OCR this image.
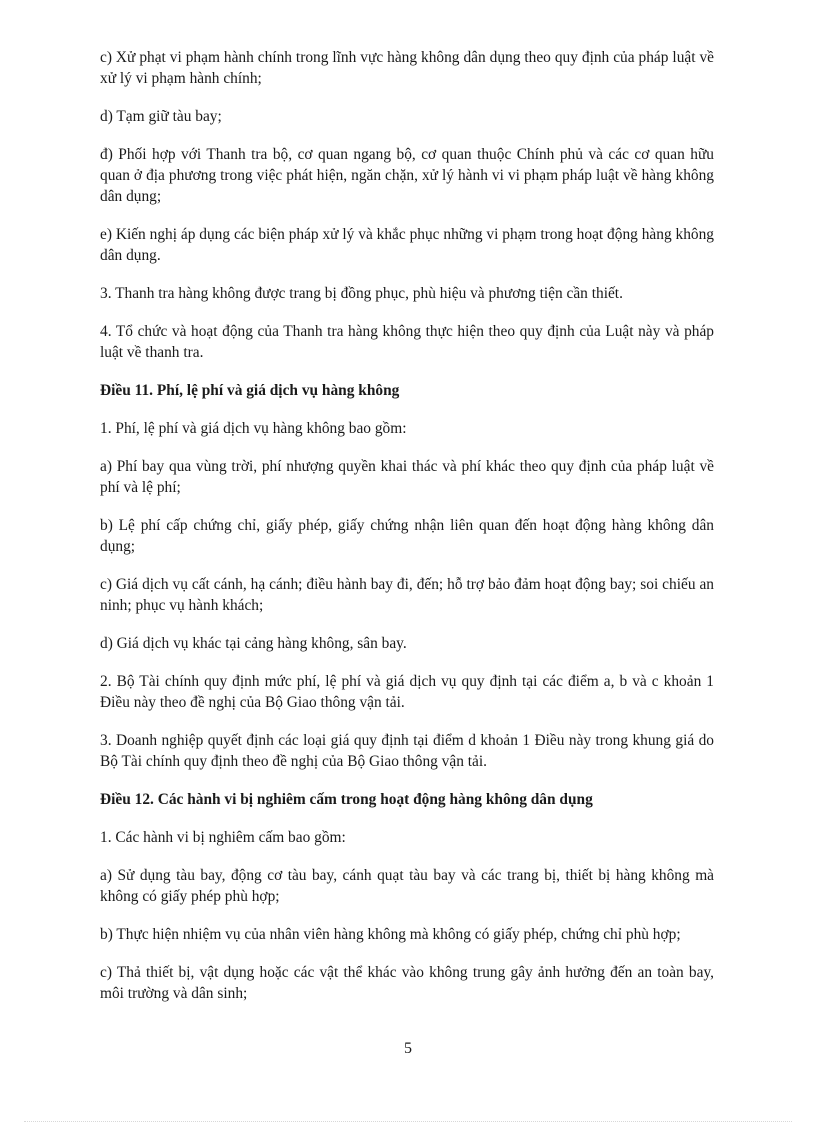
c) Xử phạt vi phạm hành chính trong lĩnh vực hàng không dân dụng theo quy định của pháp luật về xử lý vi phạm hành chính;

d) Tạm giữ tàu bay;

đ) Phối hợp với Thanh tra bộ, cơ quan ngang bộ, cơ quan thuộc Chính phủ và các cơ quan hữu quan ở địa phương trong việc phát hiện, ngăn chặn, xử lý hành vi vi phạm pháp luật về hàng không dân dụng;

e) Kiến nghị áp dụng các biện pháp xử lý và khắc phục những vi phạm trong hoạt động hàng không dân dụng.

3. Thanh tra hàng không được trang bị đồng phục, phù hiệu và phương tiện cần thiết.

4. Tổ chức và hoạt động của Thanh tra hàng không thực hiện theo quy định của Luật này và pháp luật về thanh tra.

Điều 11. Phí, lệ phí và giá dịch vụ hàng không

1. Phí, lệ phí và giá dịch vụ hàng không bao gồm:

a) Phí bay qua vùng trời, phí nhượng quyền khai thác và phí khác theo quy định của pháp luật về phí và lệ phí;

b) Lệ phí cấp chứng chỉ, giấy phép, giấy chứng nhận liên quan đến hoạt động hàng không dân dụng;

c) Giá dịch vụ cất cánh, hạ cánh; điều hành bay đi, đến; hỗ trợ bảo đảm hoạt động bay; soi chiếu an ninh; phục vụ hành khách;

d) Giá dịch vụ khác tại cảng hàng không, sân bay.

2. Bộ Tài chính quy định mức phí, lệ phí và giá dịch vụ quy định tại các điểm a, b và c khoản 1 Điều này theo đề nghị của Bộ Giao thông vận tải.

3. Doanh nghiệp quyết định các loại giá quy định tại điểm d khoản 1 Điều này trong khung giá do Bộ Tài chính quy định theo đề nghị của Bộ Giao thông vận tải.

Điều 12. Các hành vi bị nghiêm cấm trong hoạt động hàng không dân dụng

1. Các hành vi bị nghiêm cấm bao gồm:

a) Sử dụng tàu bay, động cơ tàu bay, cánh quạt tàu bay và các trang bị, thiết bị hàng không mà không có giấy phép phù hợp;

b) Thực hiện nhiệm vụ của nhân viên hàng không mà không có giấy phép, chứng chỉ phù hợp;

c) Thả thiết bị, vật dụng hoặc các vật thể khác vào không trung gây ảnh hưởng đến an toàn bay, môi trường và dân sinh;

5
